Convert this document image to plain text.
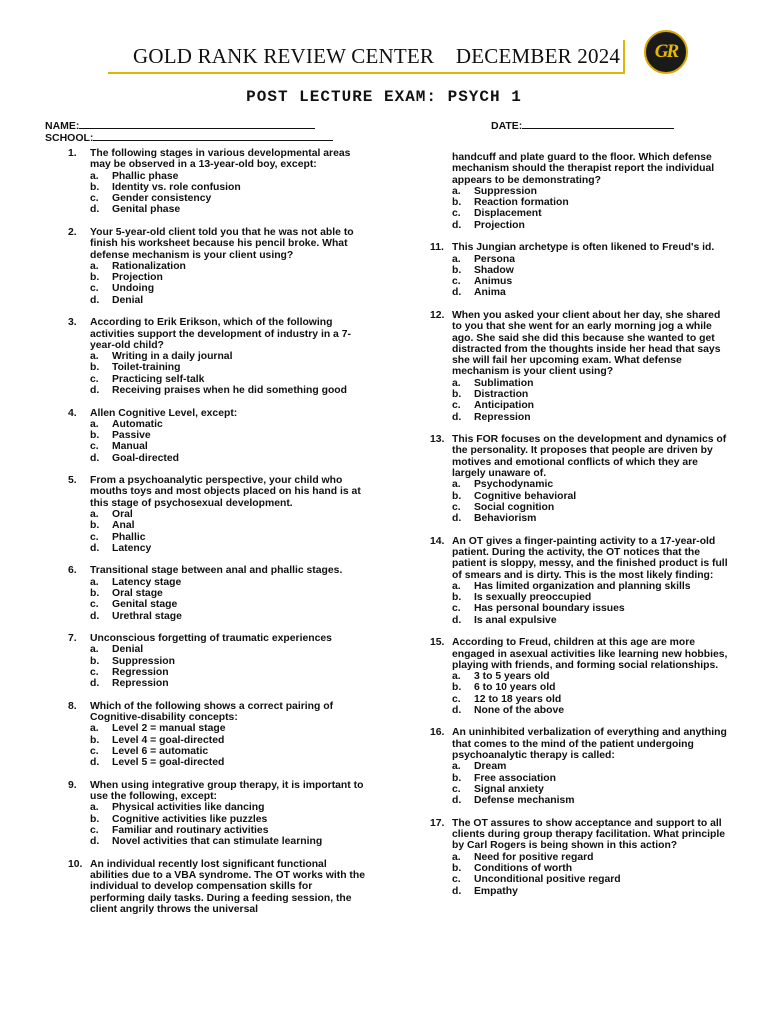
GOLD RANK REVIEW CENTER    DECEMBER 2024 GR
POST LECTURE EXAM: PSYCH 1
NAME:
SCHOOL:
DATE:
1.	The following stages in various developmental areas may be observed in a 13-year-old boy, except:
a.	Phallic phase
b.	Identity vs. role confusion
c.	Gender consistency
d.	Genital phase
2.	Your 5-year-old client told you that he was not able to finish his worksheet because his pencil broke. What defense mechanism is your client using?
a.	Rationalization
b.	Projection
c.	Undoing
d.	Denial
3.	According to Erik Erikson, which of the following activities support the development of industry in a 7-year-old child?
a.	Writing in a daily journal
b.	Toilet-training
c.	Practicing self-talk
d.	Receiving praises when he did something good
4.	Allen Cognitive Level, except:
a.	Automatic
b.	Passive
c.	Manual
d.	Goal-directed
5.	From a psychoanalytic perspective, your child who mouths toys and most objects placed on his hand is at this stage of psychosexual development.
a.	Oral
b.	Anal
c.	Phallic
d.	Latency
6.	Transitional stage between anal and phallic stages.
a.	Latency stage
b.	Oral stage
c.	Genital stage
d.	Urethral stage
7.	Unconscious forgetting of traumatic experiences
a.	Denial
b.	Suppression
c.	Regression
d.	Repression
8.	Which of the following shows a correct pairing of Cognitive-disability concepts:
a.	Level 2 = manual stage
b.	Level 4 = goal-directed
c.	Level 6 = automatic
d.	Level 5 = goal-directed
9.	When using integrative group therapy, it is important to use the following, except:
a.	Physical activities like dancing
b.	Cognitive activities like puzzles
c.	Familiar and routinary activities
d.	Novel activities that can stimulate learning
10. An individual recently lost significant functional abilities due to a VBA syndrome. The OT works with the individual to develop compensation skills for performing daily tasks. During a feeding session, the client angrily throws the universal
handcuff and plate guard to the floor. Which defense mechanism should the therapist report the individual appears to be demonstrating?
a.	Suppression
b.	Reaction formation
c.	Displacement
d.	Projection
11. This Jungian archetype is often likened to Freud's id.
a.	Persona
b.	Shadow
c.	Animus
d.	Anima
12. When you asked your client about her day, she shared to you that she went for an early morning jog a while ago. She said she did this because she wanted to get distracted from the thoughts inside her head that says she will fail her upcoming exam. What defense mechanism is your client using?
a.	Sublimation
b.	Distraction
c.	Anticipation
d.	Repression
13. This FOR focuses on the development and dynamics of the personality. It proposes that people are driven by motives and emotional conflicts of which they are largely unaware of.
a.	Psychodynamic
b.	Cognitive behavioral
c.	Social cognition
d.	Behaviorism
14. An OT gives a finger-painting activity to a 17-year-old patient. During the activity, the OT notices that the patient is sloppy, messy, and the finished product is full of smears and is dirty. This is the most likely finding:
a.	Has limited organization and planning skills
b.	Is sexually preoccupied
c.	Has personal boundary issues
d.	Is anal expulsive
15. According to Freud, children at this age are more engaged in asexual activities like learning new hobbies, playing with friends, and forming social relationships.
a.	3 to 5 years old
b.	6 to 10 years old
c.	12 to 18 years old
d.	None of the above
16. An uninhibited verbalization of everything and anything that comes to the mind of the patient undergoing psychoanalytic therapy is called:
a.	Dream
b.	Free association
c.	Signal anxiety
d.	Defense mechanism
17. The OT assures to show acceptance and support to all clients during group therapy facilitation. What principle by Carl Rogers is being shown in this action?
a.	Need for positive regard
b.	Conditions of worth
c.	Unconditional positive regard
d.	Empathy
